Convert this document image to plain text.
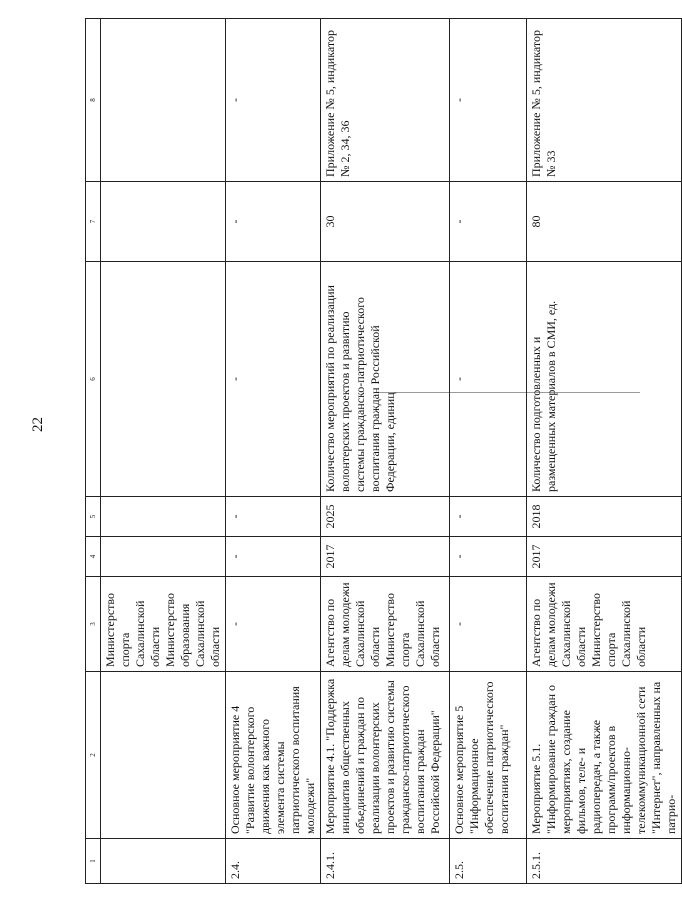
22
1	2	3	4	5	6	7	8
		Министерство спорта Сахалинской области Министерство образования Сахалинской области					
2.4.	Основное мероприятие 4 "Развитие волонтерского движения как важного элемента системы патриотического воспитания молодежи"	-	-	-	-	-	-
2.4.1.	Мероприятие 4.1. "Поддержка инициатив общественных объединений и граждан по реализации волонтерских проектов и развитию системы гражданско-патриотического воспитания граждан Российской Федерации"	Агентство по делам молодежи Сахалинской области Министерство спорта Сахалинской области	2017	2025	Количество мероприятий по реализации волонтерских проектов и развитию системы гражданско-патриотического воспитания граждан Российской Федерации, единиц	30	Приложение № 5, индикатор № 2, 34, 36
2.5.	Основное мероприятие 5 "Информационное обеспечение патриотического воспитания граждан"	-	-	-	-	-	-
2.5.1.	Мероприятие 5.1. "Информирование граждан о мероприятиях, создание фильмов, теле- и радиопередач, а также программ/проектов в информационно-телекоммуникационной сети "Интернет", направленных на патрио-	Агентство по делам молодежи Сахалинской области Министерство спорта Сахалинской области	2017	2018	Количество подготовленных и размещенных материалов в СМИ, ед.	80	Приложение № 5, индикатор № 33
